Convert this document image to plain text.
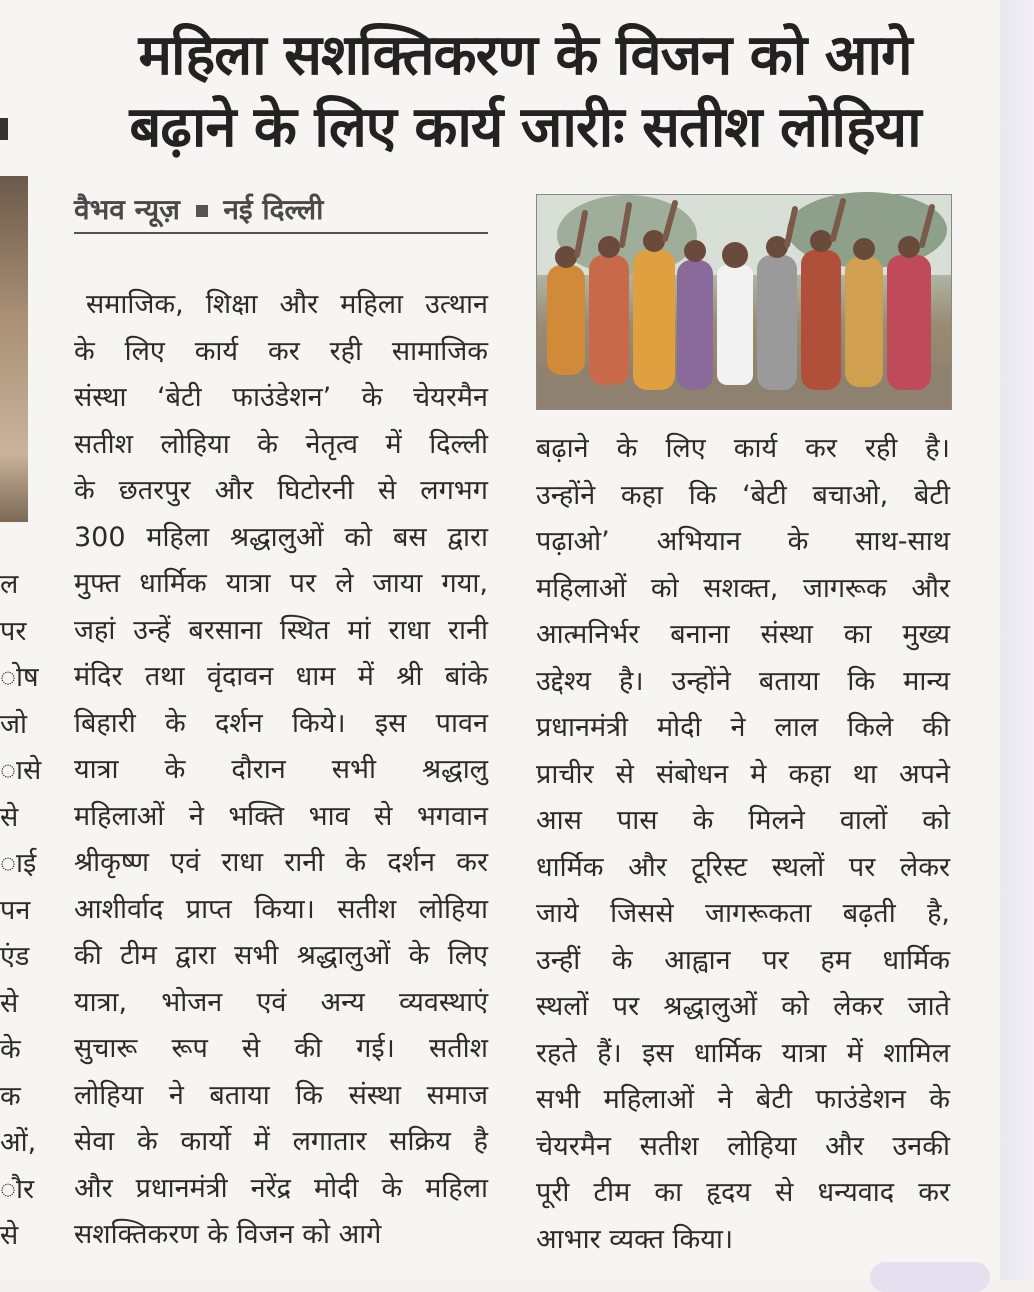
महिला सशक्तिकरण के विजन को आगे
बढ़ाने के लिए कार्य जारीः सतीश लोहिया
वैभव न्यूज़ नई दिल्ली
समाजिक, शिक्षा और महिला उत्थान
के लिए कार्य कर रही सामाजिक
संस्था ‘बेटी फाउंडेशन’ के चेयरमैन
सतीश लोहिया के नेतृत्व में दिल्ली
के छतरपुर और घिटोरनी से लगभग
300 महिला श्रद्धालुओं को बस द्वारा
मुफ्त धार्मिक यात्रा पर ले जाया गया,
जहां उन्हें बरसाना स्थित मां राधा रानी
मंदिर तथा वृंदावन धाम में श्री बांके
बिहारी के दर्शन किये। इस पावन
यात्रा के दौरान सभी श्रद्धालु
महिलाओं ने भक्ति भाव से भगवान
श्रीकृष्ण एवं राधा रानी के दर्शन कर
आशीर्वाद प्राप्त किया। सतीश लोहिया
की टीम द्वारा सभी श्रद्धालुओं के लिए
यात्रा, भोजन एवं अन्य व्यवस्थाएं
सुचारू रूप से की गई। सतीश
लोहिया ने बताया कि संस्था समाज
सेवा के कार्यो में लगातार सक्रिय है
और प्रधानमंत्री नरेंद्र मोदी के महिला
सशक्तिकरण के विजन को आगे
बढ़ाने के लिए कार्य कर रही है।
उन्होंने कहा कि ‘बेटी बचाओ, बेटी
पढ़ाओ’ अभियान के साथ-साथ
महिलाओं को सशक्त, जागरूक और
आत्मनिर्भर बनाना संस्था का मुख्य
उद्देश्य है। उन्होंने बताया कि मान्य
प्रधानमंत्री मोदी ने लाल किले की
प्राचीर से संबोधन मे कहा था अपने
आस पास के मिलने वालों को
धार्मिक और टूरिस्ट स्थलों पर लेकर
जाये जिससे जागरूकता बढ़ती है,
उन्हीं के आह्वान पर हम धार्मिक
स्थलों पर श्रद्धालुओं को लेकर जाते
रहते हैं। इस धार्मिक यात्रा में शामिल
सभी महिलाओं ने बेटी फाउंडेशन के
चेयरमैन सतीश लोहिया और उनकी
पूरी टीम का हृदय से धन्यवाद कर
आभार व्यक्त किया।
ल
पर
ोष
जो
ासे
से
ाई
पन
एंड
से
के
क
ओं,
ौर
से
